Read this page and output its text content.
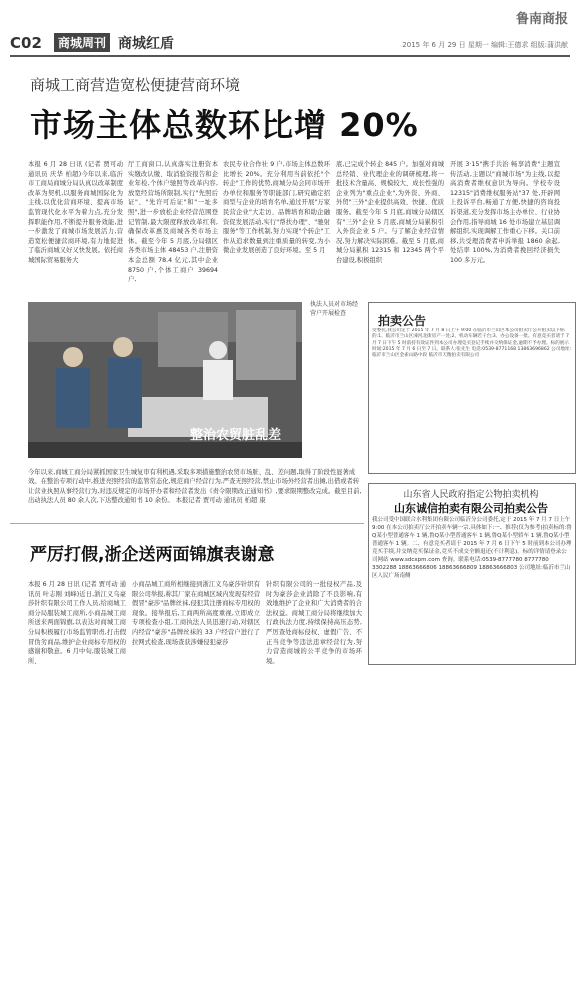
鲁南商报
C02	商城周刊 商城红盾	2015 年 6 月 29 日 星期一 编辑:王德求 组版:蒲洪献
商城工商营造宽松便捷营商环境
市场主体总数环比增 20%
本报 6 月 28 日讯 (记者 贾可动 通讯员 庆华 柏超)今年以来,临沂市工商局商城分局认真以改革制度改革为契机,以服务商城国际化为主线,以优化营商环境、提高市场监管现代化水平为着力点,充分发挥职能作用,不断提升服务效能,进一步激发了商城市场发展活力,营造宽松便捷营商环境,有力地促进了临沂商城又好又快发展。依托商城国际贸易服务大
厅工商窗口,认真落实注册资本实缴改认缴、取消验资报告和企业年检,个体户驰照等改革内容,放宽经营场所限制,实行"先照后证"、"先许可后证"和"一址多照",进一步放松企业经营范围登记管制,最大限度释放改革红利,确保改革惠及商城各类市场主体。截至今年 5 月底,分局辖区各类市场主体 48453 户,注册资本金总额 78.4 亿元,其中企业 8750 户,个体工商户 39694 户,
农民专业合作社 9 户,市场主体总数环比增长 20%。充分利用当前依托"个转企"工作的优势,商城分局会同市场开办单位和服务等职能部门,研究确定招商型与企业的培育名单,通过开展"万家民营企业"大走访、品牌培育和助企融资促发展活动,实行"帮扶办理"、"驰射服务"等工作机制,努力实现"个转企"工作从追求数量到注重质量的转变,为小微企业发展创造了良好环境。至 5 月
底,已完成个转企 845 户。加强对商城总经销、业代理企业的调研梳理,将一批技术含量高、规模较大、成长性强的企业列为"重点企业",为外资、外商、外贸"三外"企业提供高效、快捷、优质服务。截至今年 5 月底,商城分局辖区有"三外"企业 5 月底,商城分局累积引入外资企业 5 户。与了解企业经营情况,努力解决实际困难。截至 5 月底,商城分局累积 12315 和 12345 两个平台建设,积极组织
开展 3·15"携手共治 畅享消费"主题宣传活动,主题以"商城市场"为主线,以提高消费者维权意识为导向。学校专设 12315"消费维权服务站"37 处,开辟网上投诉平台,畅通了方便,快捷的咨询投诉渠道,充分发挥市场主办单位、行业协会作用,指导商城 16 处市场建立基层调解组织,实现调解工作重心下移。关口前移,共受理消费者申诉举报 1860 余起,处结率 100%,为消费者挽回经济损失 100 多万元。
整治农贸脏乱差
执法人员对市场经营户开展检查
今年以来,商城工商分局紧抓国家卫生城复审有利机遇,采取多项措施整治农贸市场脏、乱、差问题,取得了阶段性显著成效。在整治专项行动中,推进亮照经营的监管常态化,规范商户经营行为,严查无照经营,禁止市场外经营者出摊,出借或者转让营业执照从事经营行为,对违反规定的市场开办者和经营者发出《责令限期改正通知书》,要求限期整改完成。截至目前,出动执法人员 80 余人次,下达整改通知书 10 余份。 本报记者 贾可动 通讯员 柏超 康
严厉打假,浙企送两面锦旗表谢意
本报 6 月 28 日讯 (记者 贾可动 通讯员 叶志刚 刘峰)近日,浙江义乌豪莎针织有限公司工作人员,给商城工商分局服装城工商所,小商品城工商所送来两面锦旗,以表达对商城工商分局积极履行市场监管职责,打击假冒伪劣商品,维护企业商标专用权的感谢和敬意。6 月中旬,服装城工商所、
小商品城工商所相继接到浙江义乌豪莎针织有限公司举报,称其厂家在商城区域内发现有经营假冒"豪莎"品牌丝袜,侵犯其注册商标专用权的现象。接举报后,工商两所高度重视,立即成立专项检查小组,工商执法人员迅速行动,对辖区内经营"豪莎"品牌丝袜的 33 户经营户进行了拉网式检查,现场查获涉嫌侵犯豪莎
针织有限公司的一批侵权产品,及时为豪莎企业消除了不良影响,有效地维护了企业和广大消费者的合法权益。商城工商分局将继续加大行政执法力度,持续保持高压态势,严厉查处商标侵权、虚假广告、不正当竞争等违法违章经营行为,努力营造商城的公平竞争的市场环境。
拍卖公告
受委托,我公司定于 2015 年 7 月 8 日上午 9:00 在临沂市兰山区本公司拍卖厅公开拍卖以下标的:1、临沂市兰山区涑河北街房产一处;2、机动车辆若干台;3、办公设备一批。有意竞买者请于 7 月 7 日下午 5 时前持有效证件到本公司办理竞买登记手续并交纳保证金,逾期不予办理。标的展示时间:2015 年 7 月 6 日至 7 日。联系人:张先生 电话:0539-8771168 13863696862 公司地址:临沂市兰山区金雀山路中段 临沂市天衡拍卖有限公司
山东省人民政府指定公物拍卖机构
山东诚信拍卖有限公司拍卖公告
我公司受中国联合水利集团有限公司临沂分公司委托,定于 2015 年 7 月 7 日上午 9:00 在本公司拍卖厅公开拍卖车辆一宗,具体如下:一、推荐(仅为参考)拍卖标的:鲁Q某小型普通客车 1 辆,鲁Q某小型普通客车 1 辆,鲁Q某小型轿车 1 辆,鲁Q某小型普通客车 1 辆。二、有意竞买者请于 2015 年 7 月 6 日下午 5 时前到本公司办理竞买手续,并交纳竞买保证金,竞买不成交全额退还(不计利息)。标的详情请登录公司网站 www.sdcxpm.com 查询。联系电话:0539-8777780 8777780 3302288 18863666806 18863666809 18863666803 公司地址:临沂市兰山区人民广场南侧
